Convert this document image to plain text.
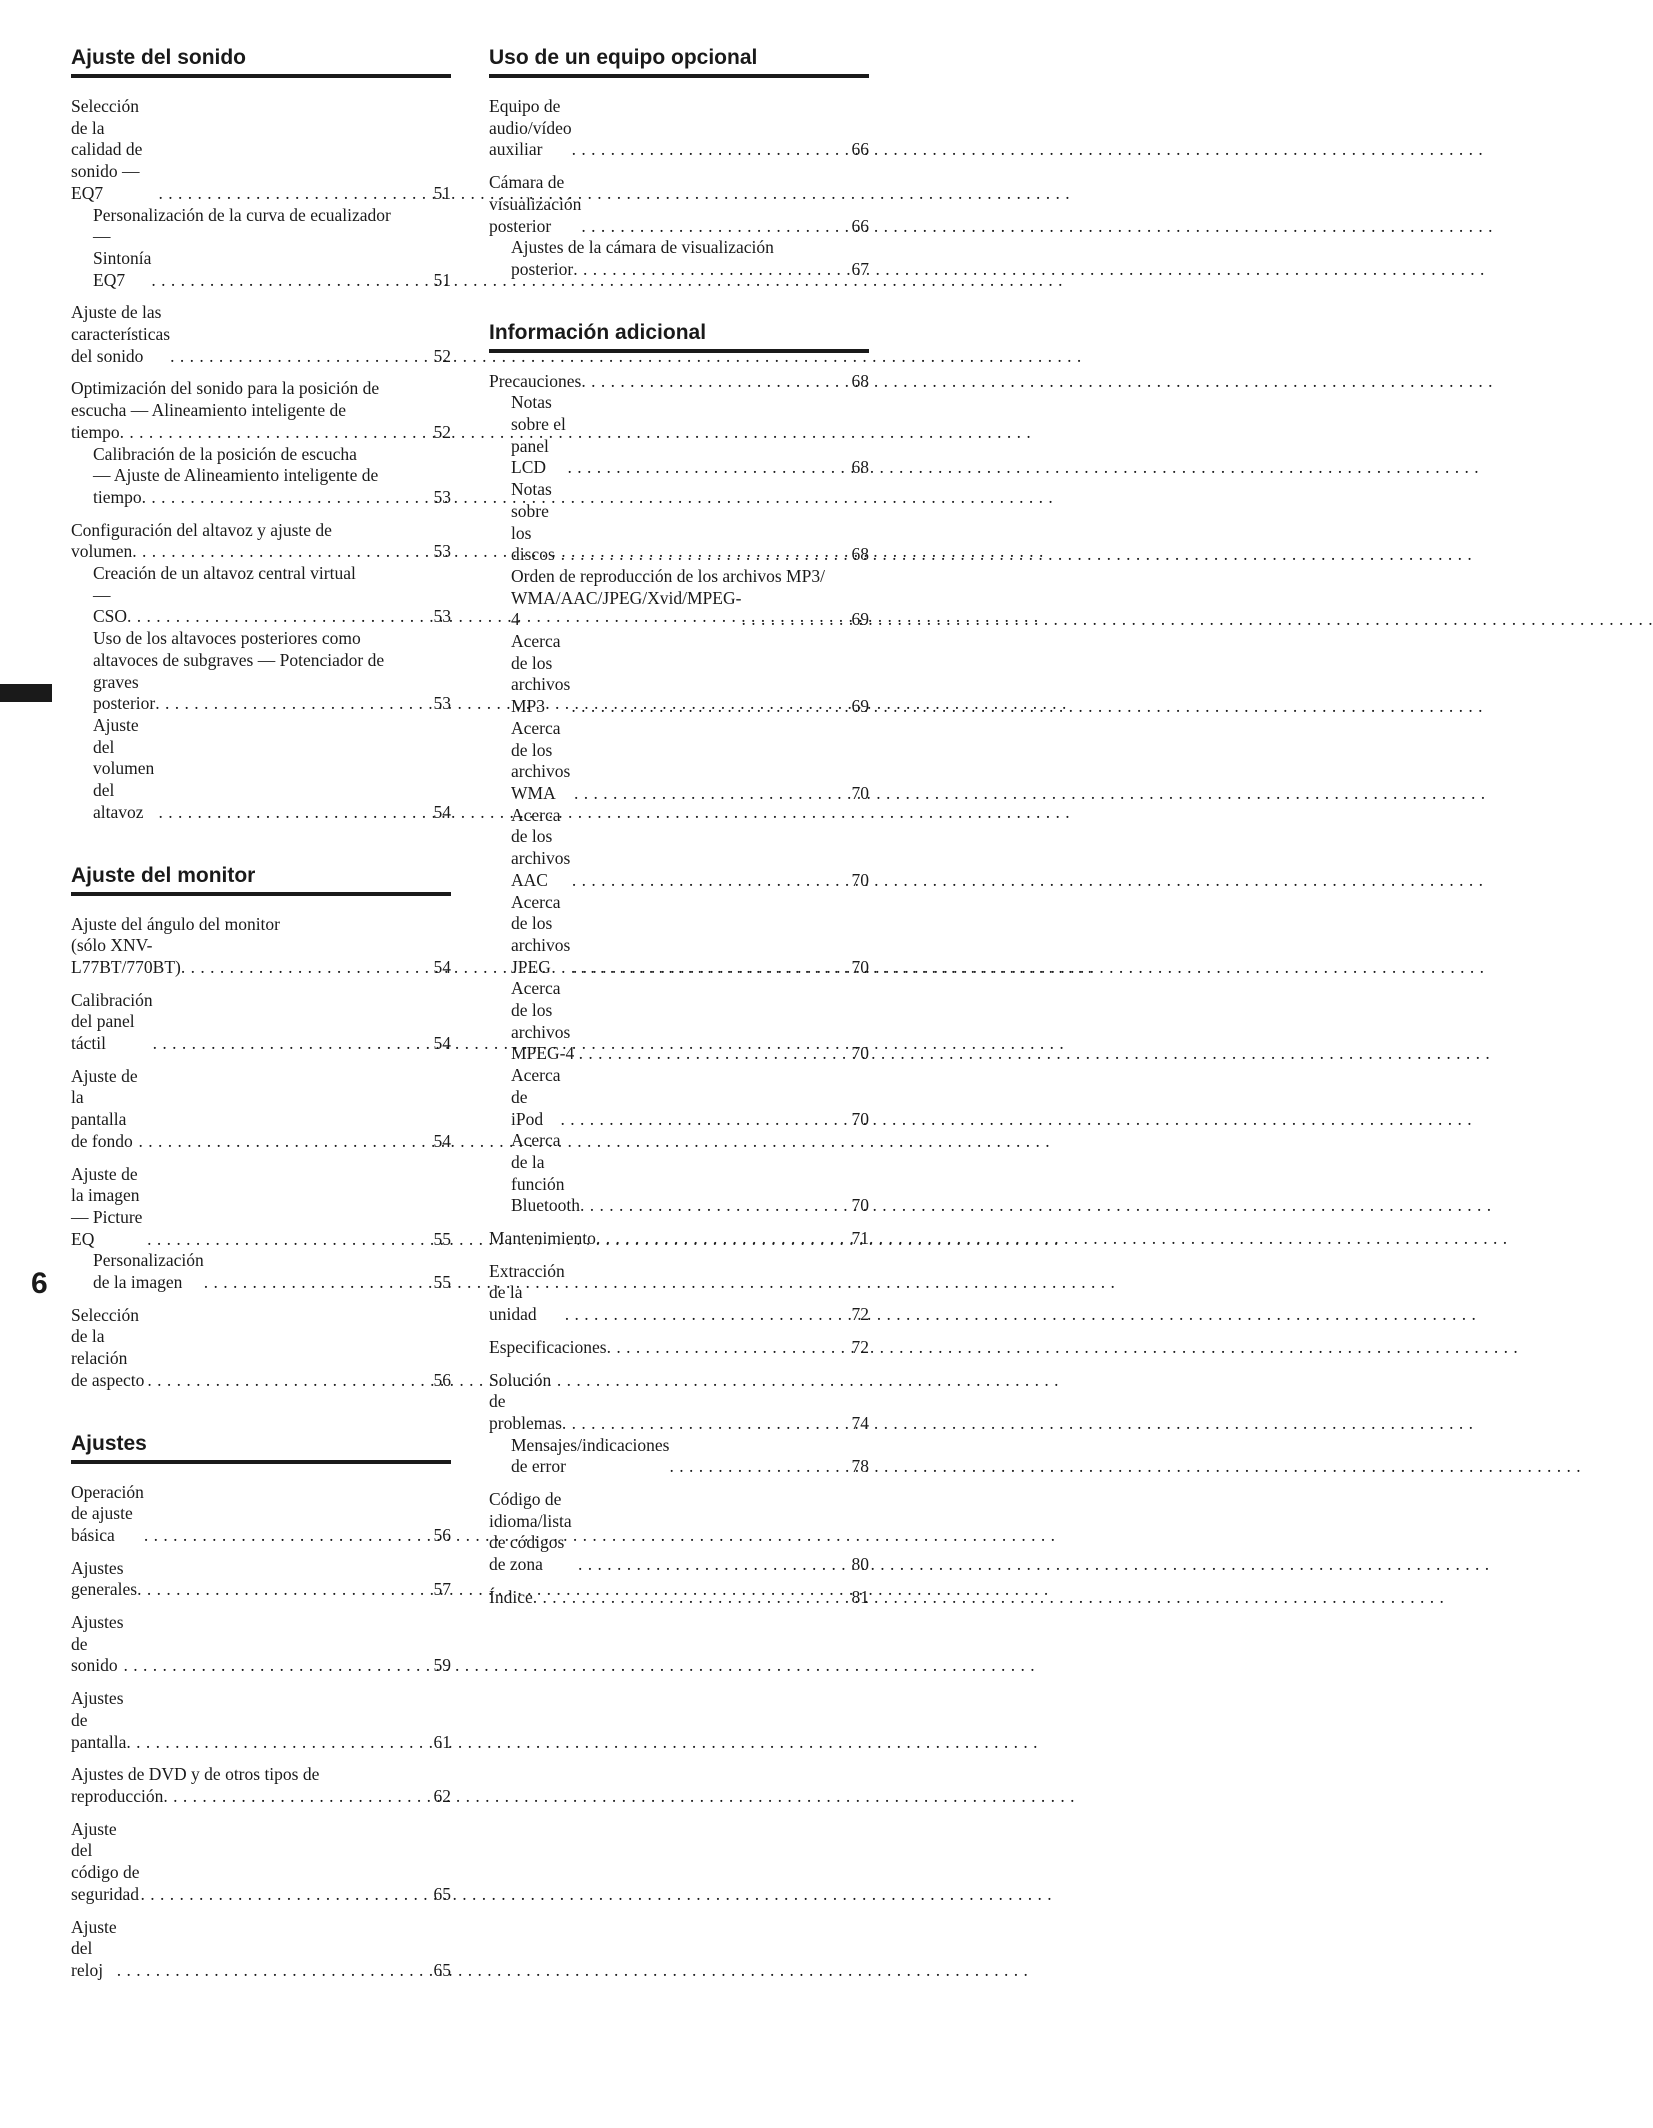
Ajuste del sonido
Selección de la calidad de sonido — EQ7 . . .	51
Personalización de la curva de ecualizador
— Sintonía EQ7 . . .	51
Ajuste de las características del sonido . . .	52
Optimización del sonido para la posición de
escucha — Alineamiento inteligente de
tiempo . . .	52
Calibración de la posición de escucha
— Ajuste de Alineamiento inteligente de
tiempo . . .	53
Configuración del altavoz y ajuste de
volumen . . .	53
Creación de un altavoz central virtual
— CSO . . .	53
Uso de los altavoces posteriores como
altavoces de subgraves — Potenciador de
graves posterior . . .	53
Ajuste del volumen del altavoz . . .	54
Ajuste del monitor
Ajuste del ángulo del monitor
(sólo XNV-L77BT/770BT) . . .	54
Calibración del panel táctil . . .	54
Ajuste de la pantalla de fondo . . .	54
Ajuste de la imagen — Picture EQ . . .	55
Personalización de la imagen . . .	55
Selección de la relación de aspecto . . .	56
Ajustes
Operación de ajuste básica . . .	56
Ajustes generales . . .	57
Ajustes de sonido . . .	59
Ajustes de pantalla . . .	61
Ajustes de DVD y de otros tipos de
reproducción . . .	62
Ajuste del código de seguridad . . .	65
Ajuste del reloj . . .	65
Uso de un equipo opcional
Equipo de audio/vídeo auxiliar . . .	66
Cámara de visualización posterior . . .	66
Ajustes de la cámara de visualización
posterior . . .	67
Información adicional
Precauciones . . .	68
Notas sobre el panel LCD . . .	68
Notas sobre los discos . . .	68
Orden de reproducción de los archivos MP3/
WMA/AAC/JPEG/Xvid/MPEG-4 . . .	69
Acerca de los archivos MP3 . . .	69
Acerca de los archivos WMA . . .	70
Acerca de los archivos AAC . . .	70
Acerca de los archivos JPEG . . .	70
Acerca de los archivos MPEG-4 . . .	70
Acerca de iPod . . .	70
Acerca de la función Bluetooth . . .	70
Mantenimiento . . .	71
Extracción de la unidad . . .	72
Especificaciones . . .	72
Solución de problemas . . .	74
Mensajes/indicaciones de error . . .	78
Código de idioma/lista de códigos de zona . . .	80
Índice . . .	81
6
